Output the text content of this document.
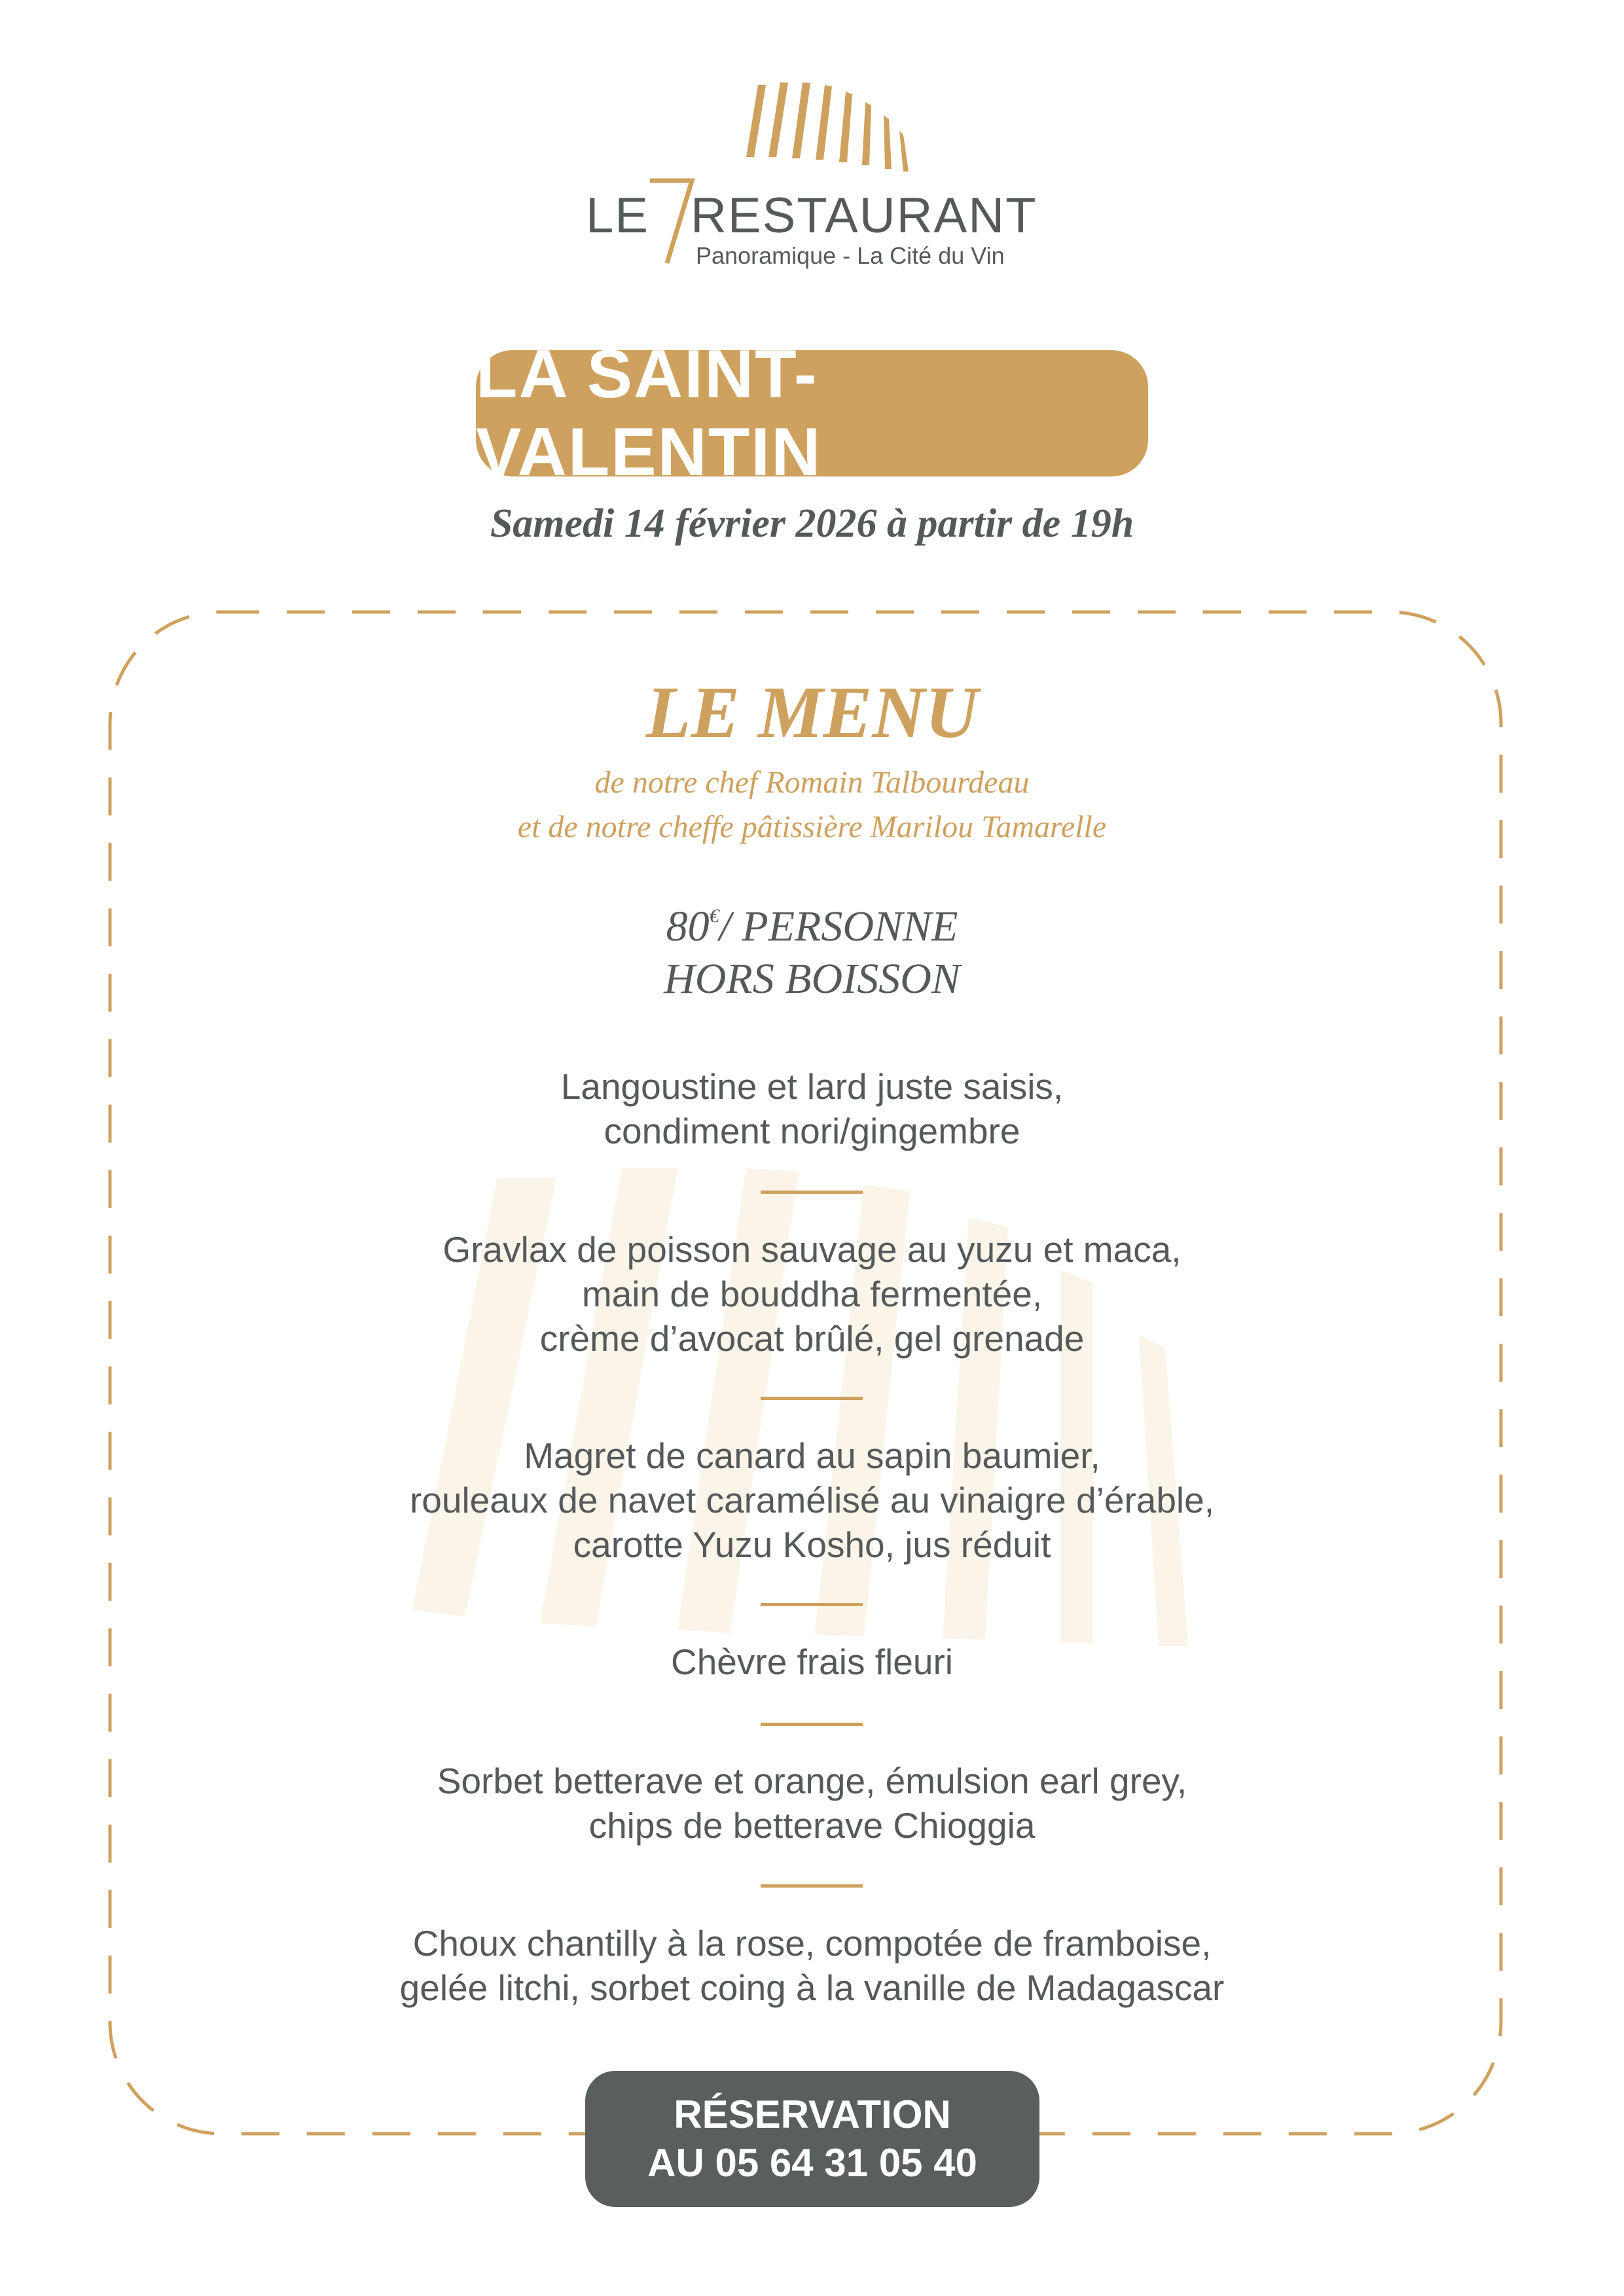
LE RESTAURANT
Panoramique - La Cité du Vin
LA SAINT-VALENTIN
Samedi 14 février 2026 à partir de 19h
LE MENU
de notre chef Romain Talbourdeau
et de notre cheffe pâtissière Marilou Tamarelle
80€/ PERSONNE
HORS BOISSON
Langoustine et lard juste saisis,
condiment nori/gingembre
Gravlax de poisson sauvage au yuzu et maca,
main de bouddha fermentée,
crème d’avocat brûlé, gel grenade
Magret de canard au sapin baumier,
rouleaux de navet caramélisé au vinaigre d’érable,
carotte Yuzu Kosho, jus réduit
Chèvre frais fleuri
Sorbet betterave et orange, émulsion earl grey,
chips de betterave Chioggia
Choux chantilly à la rose, compotée de framboise,
gelée litchi, sorbet coing à la vanille de Madagascar
RÉSERVATION
AU 05 64 31 05 40
